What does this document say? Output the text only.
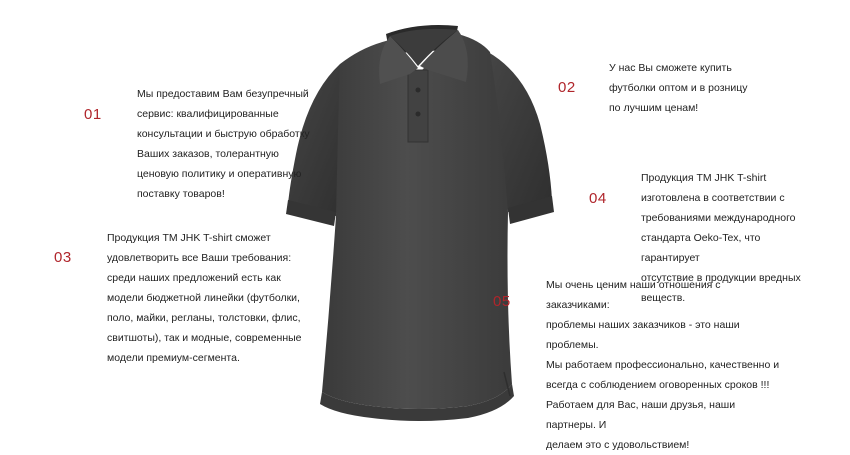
01
Мы предоставим Вам безупречный
сервис: квалифицированные
консультации и быструю обработку
Ваших заказов, толерантную
ценовую политику и оперативную
поставку товаров!
02
У нас Вы сможете купить
футболки оптом и в розницу
по лучшим ценам!
03
Продукция ТМ JHK T-shirt сможет
удовлетворить все Ваши требования:
среди наших предложений есть как
модели бюджетной линейки (футболки,
поло, майки, регланы, толстовки, флис,
свитшоты), так и модные, современные
модели премиум-сегмента.
04
Продукция ТМ JHK T-shirt
изготовлена в соответствии с
требованиями международного
стандарта Oeko-Tex, что гарантирует
отсутствие в продукции вредных
веществ.
05
Мы очень ценим наши отношения с заказчиками:
проблемы наших заказчиков - это наши проблемы.
Мы работаем профессионально, качественно и
всегда с соблюдением оговоренных сроков !!!
Работаем для Вас, наши друзья, наши партнеры. И
делаем это с удовольствием!
